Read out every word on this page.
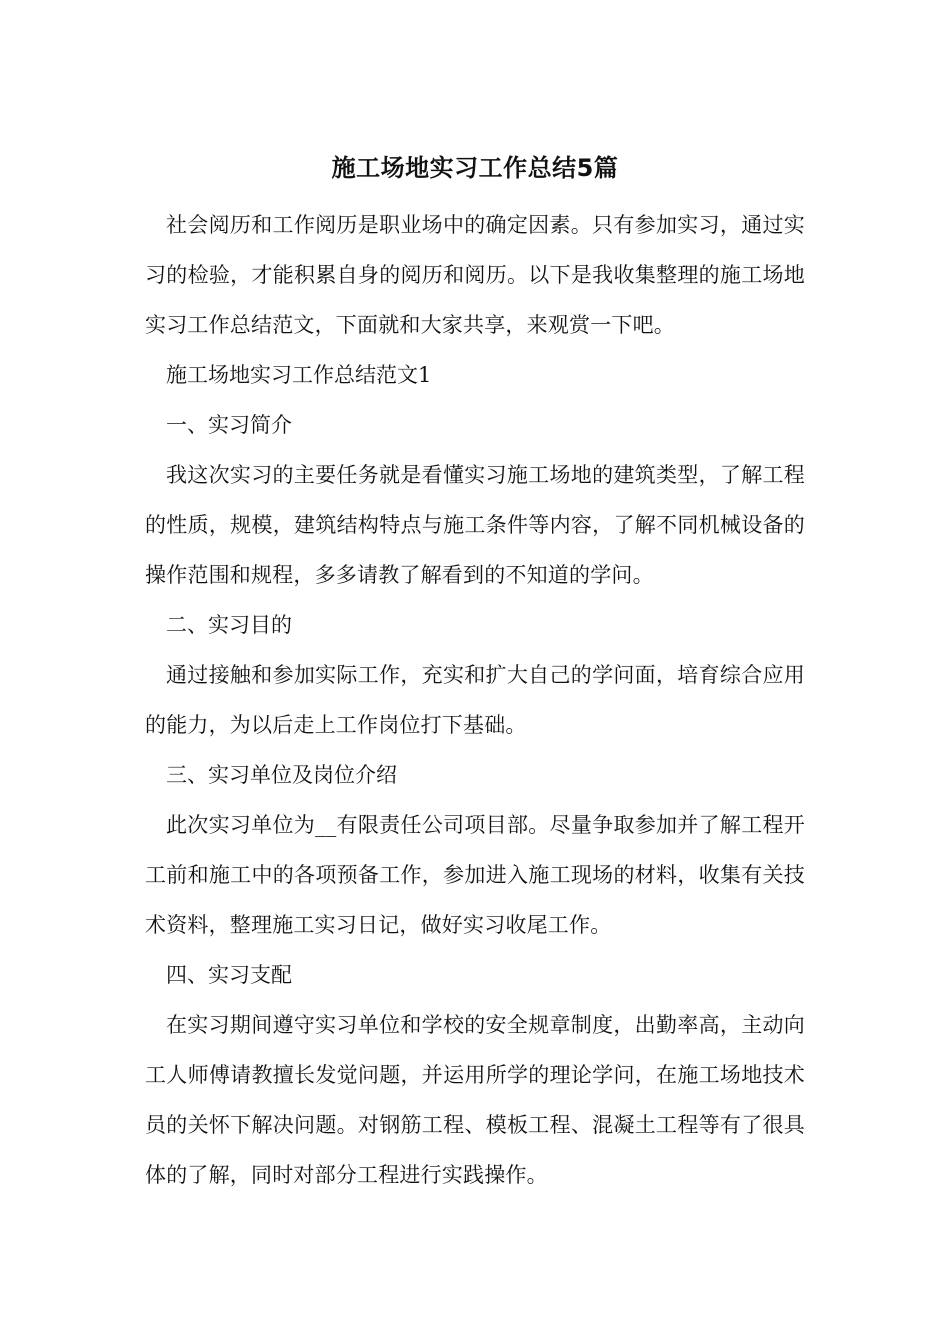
施工场地实习工作总结5篇

社会阅历和工作阅历是职业场中的确定因素。只有参加实习，通过实习的检验，才能积累自身的阅历和阅历。以下是我收集整理的施工场地实习工作总结范文，下面就和大家共享，来观赏一下吧。

施工场地实习工作总结范文1

一、实习简介

我这次实习的主要任务就是看懂实习施工场地的建筑类型，了解工程的性质，规模，建筑结构特点与施工条件等内容，了解不同机械设备的操作范围和规程，多多请教了解看到的不知道的学问。

二、实习目的

通过接触和参加实际工作，充实和扩大自己的学问面，培育综合应用的能力，为以后走上工作岗位打下基础。

三、实习单位及岗位介绍

此次实习单位为__有限责任公司项目部。尽量争取参加并了解工程开工前和施工中的各项预备工作，参加进入施工现场的材料，收集有关技术资料，整理施工实习日记，做好实习收尾工作。

四、实习支配

在实习期间遵守实习单位和学校的安全规章制度，出勤率高，主动向工人师傅请教擅长发觉问题，并运用所学的理论学问，在施工场地技术员的关怀下解决问题。对钢筋工程、模板工程、混凝土工程等有了很具体的了解，同时对部分工程进行实践操作。
